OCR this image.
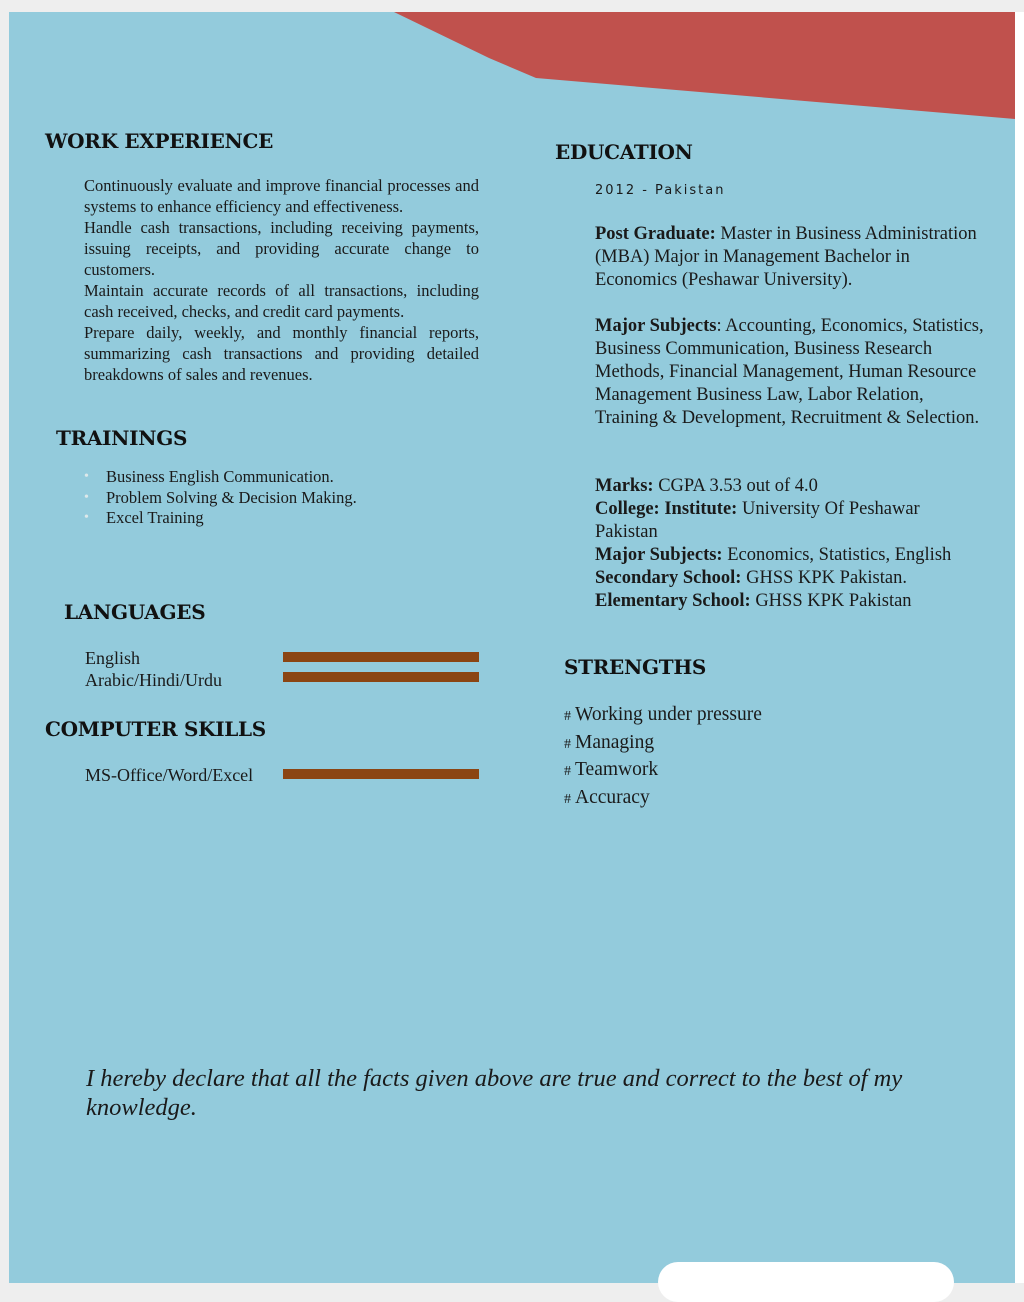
WORK EXPERIENCE
▪ Continuously evaluate and improve financial processes and systems to enhance efficiency and effectiveness.
▪ Handle cash transactions, including receiving payments, issuing receipts, and providing accurate change to customers.
▪ Maintain accurate records of all transactions, including cash received, checks, and credit card payments.
▪ Prepare daily, weekly, and monthly financial reports, summarizing cash transactions and providing detailed breakdowns of sales and revenues.
TRAININGS
• Business English Communication.
• Problem Solving & Decision Making.
• Excel Training
LANGUAGES
English
Arabic/Hindi/Urdu
COMPUTER SKILLS
MS-Office/Word/Excel
EDUCATION
2012 - Pakistan
Post Graduate: Master in Business Administration (MBA) Major in Management Bachelor in Economics (Peshawar University).
Major Subjects: Accounting, Economics, Statistics, Business Communication, Business Research Methods, Financial Management, Human Resource Management Business Law, Labor Relation, Training & Development, Recruitment & Selection.
Marks: CGPA 3.53 out of 4.0
College: Institute: University Of Peshawar Pakistan
Major Subjects: Economics, Statistics, English
Secondary School: GHSS KPK Pakistan.
Elementary School: GHSS KPK Pakistan
STRENGTHS
# Working under pressure
# Managing
# Teamwork
# Accuracy

I hereby declare that all the facts given above are true and correct to the best of my knowledge.
